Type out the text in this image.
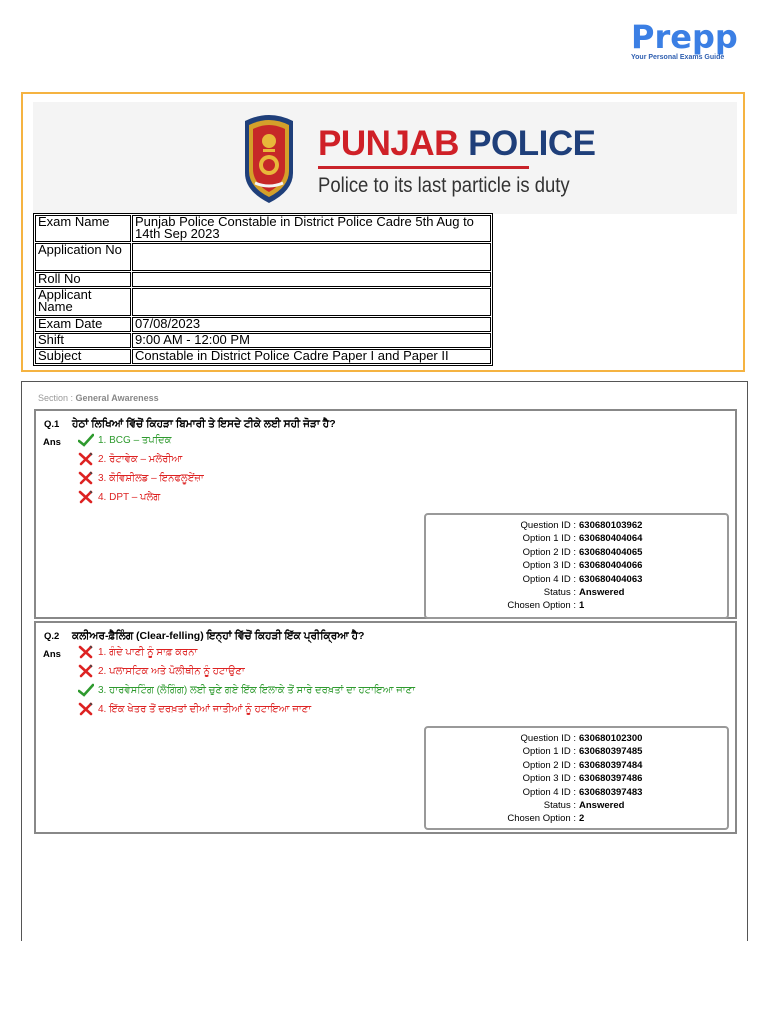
Prepp
Your Personal Exams Guide
PUNJAB POLICE
Police to its last particle is duty
Exam Name	Punjab Police Constable in District Police Cadre 5th Aug to 14th Sep 2023
Application No	
Roll No	
Applicant Name	
Exam Date	07/08/2023
Shift	9:00 AM - 12:00 PM
Subject	Constable in District Police Cadre Paper I and Paper II
Section : General Awareness
Q.1 ਹੇਠਾਂ ਲਿਖਿਆਂ ਵਿੱਚੋਂ ਕਿਹੜਾ ਬਿਮਾਰੀ ਤੇ ਇਸਦੇ ਟੀਕੇ ਲਈ ਸਹੀ ਜੋੜਾ ਹੈ?
Ans	1. BCG – ਤਪਦਿਕ
2. ਰੋਟਾਵੇਕ – ਮਲੇਰੀਆ
3. ਕੋਵਿਸ਼ੀਲਡ – ਇਨਫਲੂਏਂਜ਼ਾ
4. DPT – ਪਲੇਗ
Question ID : 630680103962
Option 1 ID : 630680404064
Option 2 ID : 630680404065
Option 3 ID : 630680404066
Option 4 ID : 630680404063
Status : Answered
Chosen Option : 1
Q.2 ਕਲੀਅਰ-ਫ਼ੈਲਿੰਗ (Clear-felling) ਇਨ੍ਹਾਂ ਵਿੱਚੋਂ ਕਿਹੜੀ ਇੱਕ ਪ੍ਰੀਕ੍ਰਿਆ ਹੈ?
Ans	1. ਗੰਦੇ ਪਾਣੀ ਨੂੰ ਸਾਫ਼ ਕਰਨਾ
2. ਪਲਾਸਟਿਕ ਅਤੇ ਪੋਲੀਥੀਨ ਨੂੰ ਹਟਾਉਣਾ
3. ਹਾਰਵੇਸਟਿੰਗ (ਲੋਗਿੰਗ) ਲਈ ਚੁਣੇ ਗਏ ਇੱਕ ਇਲਾਕੇ ਤੋਂ ਸਾਰੇ ਦਰਖ਼ਤਾਂ ਦਾ ਹਟਾਇਆ ਜਾਣਾ
4. ਇੱਕ ਖੇਤਰ ਤੋਂ ਦਰਖ਼ਤਾਂ ਦੀਆਂ ਜਾਤੀਆਂ ਨੂੰ ਹਟਾਇਆ ਜਾਣਾ
Question ID : 630680102300
Option 1 ID : 630680397485
Option 2 ID : 630680397484
Option 3 ID : 630680397486
Option 4 ID : 630680397483
Status : Answered
Chosen Option : 2
